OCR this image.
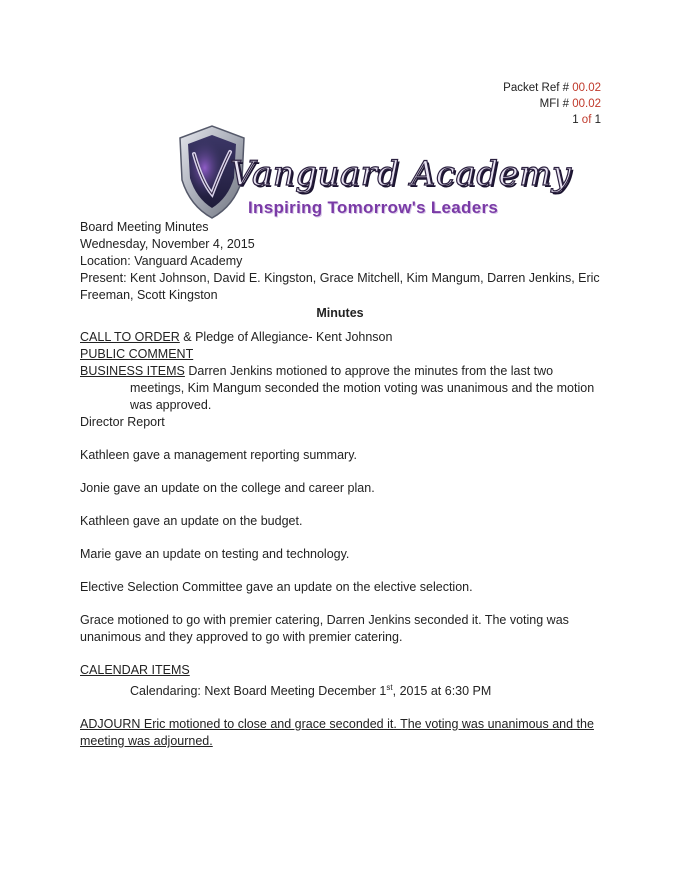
Packet Ref # 00.02
MFI # 00.02
1 of 1
Vanguard Academy
Inspiring Tomorrow's Leaders

Board Meeting Minutes

Wednesday, November 4, 2015

Location: Vanguard Academy

Present: Kent Johnson, David E. Kingston, Grace Mitchell, Kim Mangum, Darren Jenkins, Eric Freeman, Scott Kingston

Minutes

CALL TO ORDER & Pledge of Allegiance- Kent Johnson

PUBLIC COMMENT

BUSINESS ITEMS Darren Jenkins motioned to approve the minutes from the last two

meetings, Kim Mangum seconded the motion voting was unanimous and the motion was approved.

Director Report

Kathleen gave a management reporting summary.

Jonie gave an update on the college and career plan.

Kathleen gave an update on the budget.

Marie gave an update on testing and technology.

Elective Selection Committee gave an update on the elective selection.

Grace motioned to go with premier catering, Darren Jenkins seconded it. The voting was unanimous and they approved to go with premier catering.

CALENDAR ITEMS

Calendaring: Next Board Meeting December 1st, 2015 at 6:30 PM

ADJOURN Eric motioned to close and grace seconded it. The voting was unanimous and the meeting was adjourned.
